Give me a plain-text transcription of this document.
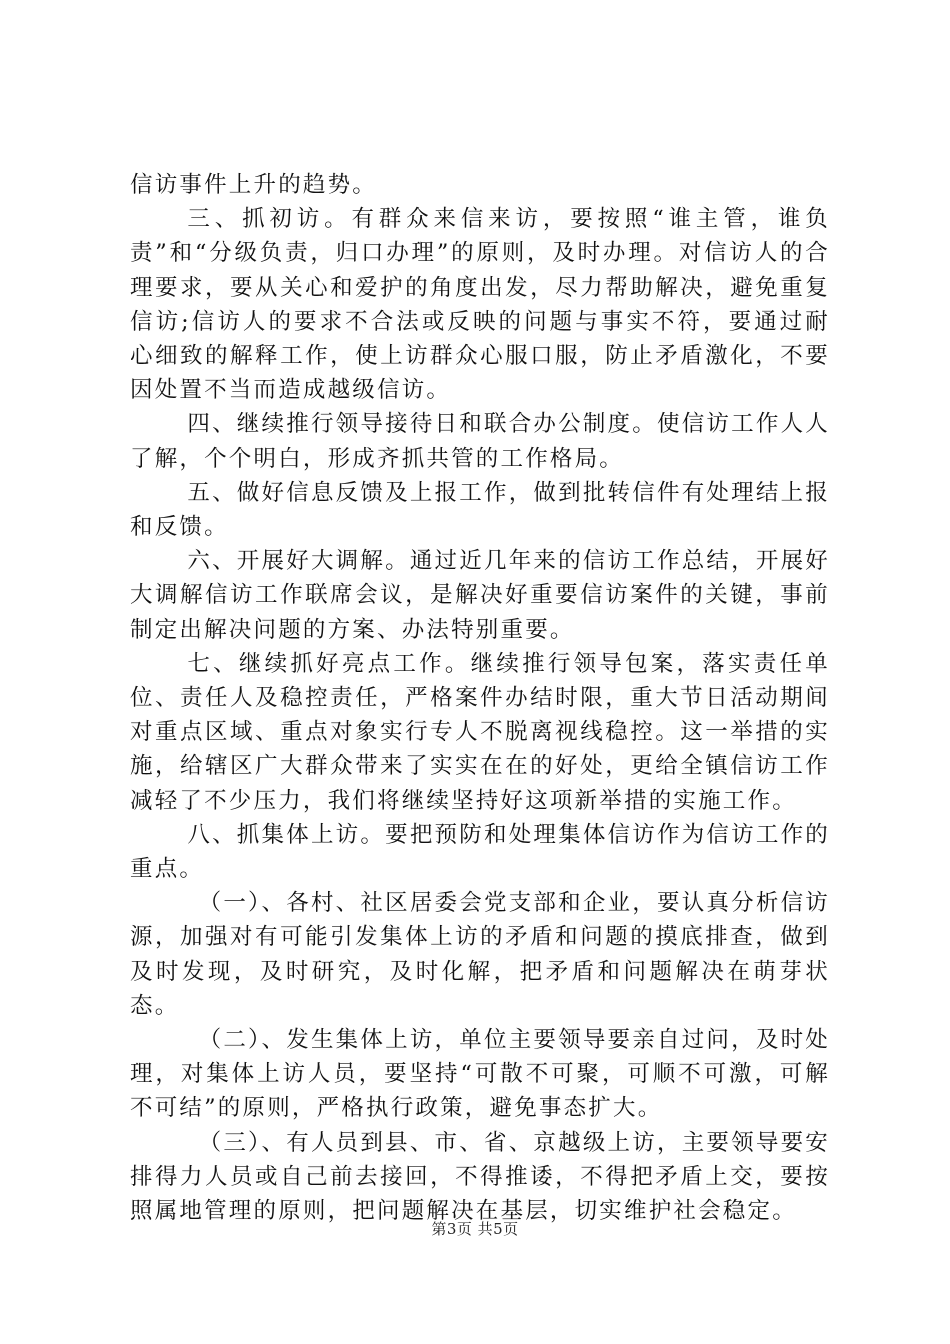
信访事件上升的趋势。

三、抓初访。有群众来信来访，要按照“谁主管，谁负责”和“分级负责，归口办理”的原则，及时办理。对信访人的合理要求，要从关心和爱护的角度出发，尽力帮助解决，避免重复信访;信访人的要求不合法或反映的问题与事实不符，要通过耐心细致的解释工作，使上访群众心服口服，防止矛盾激化，不要因处置不当而造成越级信访。

四、继续推行领导接待日和联合办公制度。使信访工作人人了解，个个明白，形成齐抓共管的工作格局。

五、做好信息反馈及上报工作，做到批转信件有处理结上报和反馈。

六、开展好大调解。通过近几年来的信访工作总结，开展好大调解信访工作联席会议，是解决好重要信访案件的关键，事前制定出解决问题的方案、办法特别重要。

七、继续抓好亮点工作。继续推行领导包案，落实责任单位、责任人及稳控责任，严格案件办结时限，重大节日活动期间对重点区域、重点对象实行专人不脱离视线稳控。这一举措的实施，给辖区广大群众带来了实实在在的好处，更给全镇信访工作减轻了不少压力，我们将继续坚持好这项新举措的实施工作。

八、抓集体上访。要把预防和处理集体信访作为信访工作的重点。

（一）、各村、社区居委会党支部和企业，要认真分析信访源，加强对有可能引发集体上访的矛盾和问题的摸底排查，做到及时发现，及时研究，及时化解，把矛盾和问题解决在萌芽状态。

（二）、发生集体上访，单位主要领导要亲自过问，及时处理，对集体上访人员，要坚持“可散不可聚，可顺不可激，可解不可结”的原则，严格执行政策，避免事态扩大。

（三）、有人员到县、市、省、京越级上访，主要领导要安排得力人员或自己前去接回，不得推诿，不得把矛盾上交，要按照属地管理的原则，把问题解决在基层，切实维护社会稳定。

第3页 共5页
